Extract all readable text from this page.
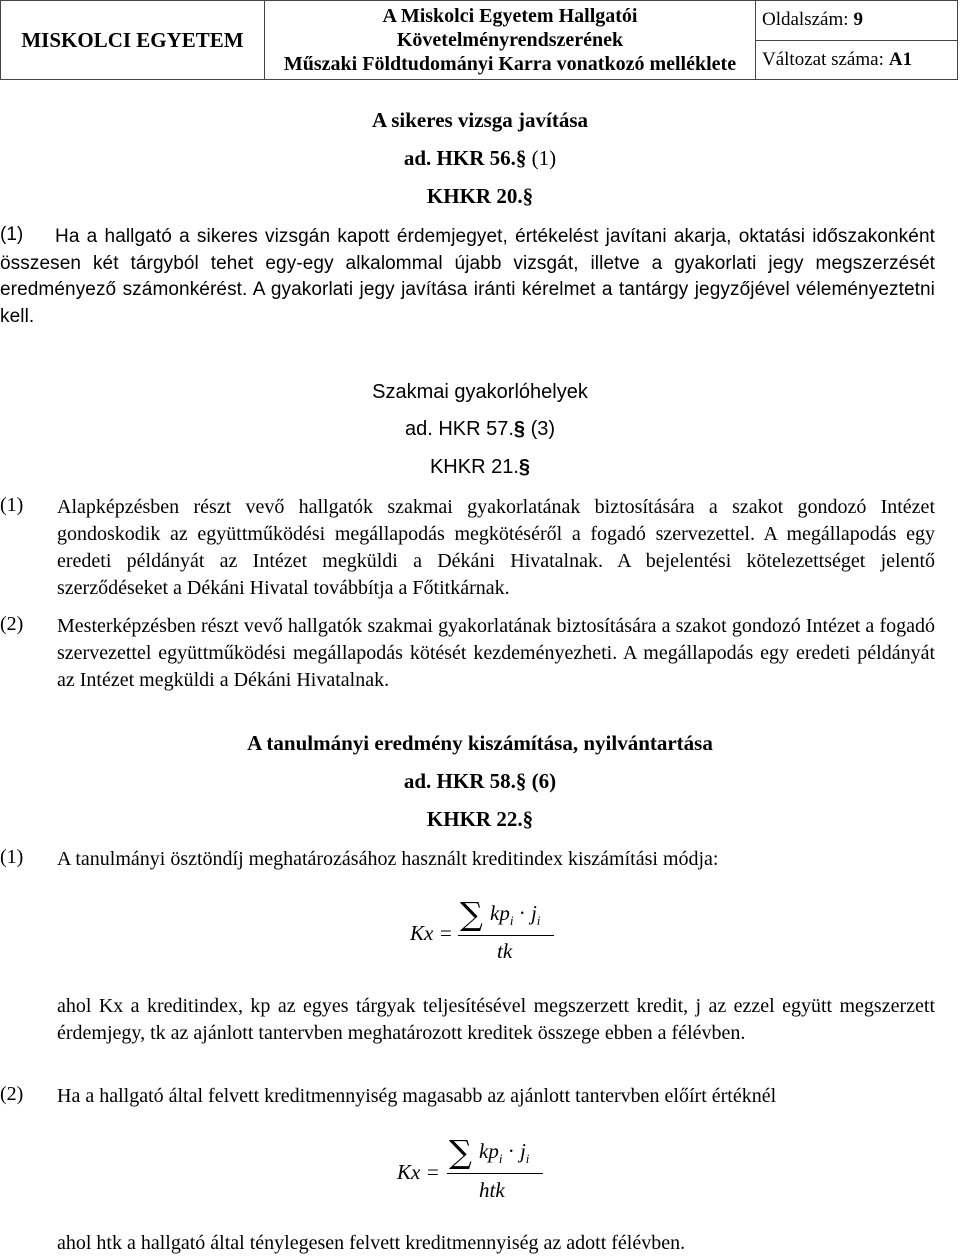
MISKOLCI EGYETEM
A Miskolci Egyetem Hallgatói
Követelményrendszerének
Műszaki Földtudományi Karra vonatkozó melléklete
Oldalszám: 9
Változat száma: A1
A sikeres vizsga javítása
ad. HKR 56.§ (1)
KHKR 20.§
(1)	Ha a hallgató a sikeres vizsgán kapott érdemjegyet, értékelést javítani akarja, oktatási időszakonként összesen két tárgyból tehet egy-egy alkalommal újabb vizsgát, illetve a gyakorlati jegy megszerzését eredményező számonkérést. A gyakorlati jegy javítása iránti kérelmet a tantárgy jegyzőjével véleményeztetni kell.
Szakmai gyakorlóhelyek
ad. HKR 57.§ (3)
KHKR 21.§
(1) Alapképzésben részt vevő hallgatók szakmai gyakorlatának biztosítására a szakot gondozó Intézet gondoskodik az együttműködési megállapodás megkötéséről a fogadó szervezettel. A megállapodás egy eredeti példányát az Intézet megküldi a Dékáni Hivatalnak. A bejelentési kötelezettséget jelentő szerződéseket a Dékáni Hivatal továbbítja a Főtitkárnak.
(2) Mesterképzésben részt vevő hallgatók szakmai gyakorlatának biztosítására a szakot gondozó Intézet a fogadó szervezettel együttműködési megállapodás kötését kezdeményezheti. A megállapodás egy eredeti példányát az Intézet megküldi a Dékáni Hivatalnak.
A tanulmányi eredmény kiszámítása, nyilvántartása
ad. HKR 58.§ (6)
KHKR 22.§
(1) A tanulmányi ösztöndíj meghatározásához használt kreditindex kiszámítási módja:
Kx = ∑ $kp_i \cdot j_i$
tk
ahol Kx a kreditindex, kp az egyes tárgyak teljesítésével megszerzett kredit, j az ezzel együtt megszerzett érdemjegy, tk az ajánlott tantervben meghatározott kreditek összege ebben a félévben.
(2) Ha a hallgató által felvett kreditmennyiség magasabb az ajánlott tantervben előírt értéknél
Kx =
∑ $kp_i \cdot j_i$
htk
ahol htk a hallgató által ténylegesen felvett kreditmennyiség az adott félévben.
